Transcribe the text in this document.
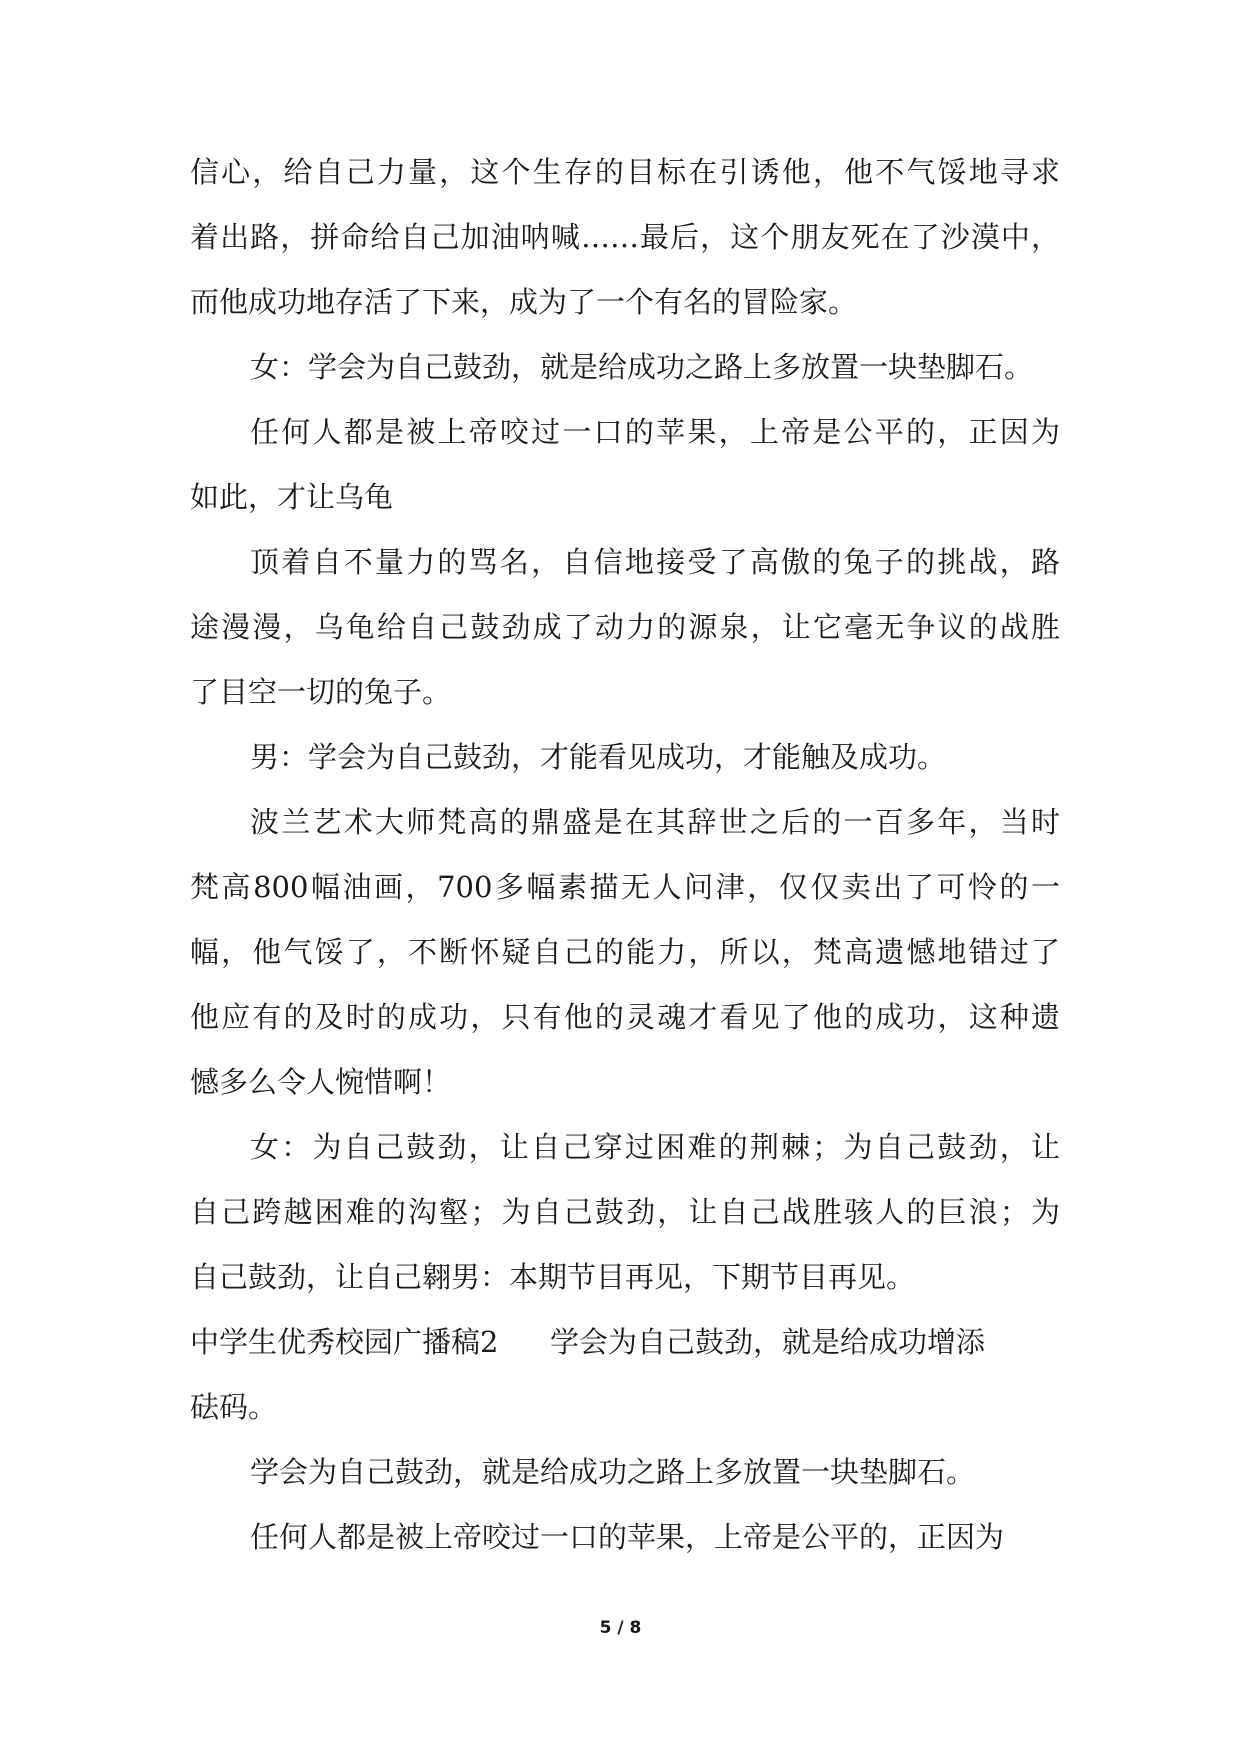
信心，给自己力量，这个生存的目标在引诱他，他不气馁地寻求
着出路，拼命给自己加油呐喊……最后，这个朋友死在了沙漠中，
而他成功地存活了下来，成为了一个有名的冒险家。
女：学会为自己鼓劲，就是给成功之路上多放置一块垫脚石。
任何人都是被上帝咬过一口的苹果，上帝是公平的，正因为
如此，才让乌龟
顶着自不量力的骂名，自信地接受了高傲的兔子的挑战，路
途漫漫，乌龟给自己鼓劲成了动力的源泉，让它毫无争议的战胜
了目空一切的兔子。
男：学会为自己鼓劲，才能看见成功，才能触及成功。
波兰艺术大师梵高的鼎盛是在其辞世之后的一百多年，当时
梵高800幅油画，700多幅素描无人问津，仅仅卖出了可怜的一
幅，他气馁了，不断怀疑自己的能力，所以，梵高遗憾地错过了
他应有的及时的成功，只有他的灵魂才看见了他的成功，这种遗
憾多么令人惋惜啊！
女：为自己鼓劲，让自己穿过困难的荆棘；为自己鼓劲，让
自己跨越困难的沟壑；为自己鼓劲，让自己战胜骇人的巨浪；为
自己鼓劲，让自己翱男：本期节目再见，下期节目再见。
中学生优秀校园广播稿2 学会为自己鼓劲，就是给成功增添
砝码。
学会为自己鼓劲，就是给成功之路上多放置一块垫脚石。
任何人都是被上帝咬过一口的苹果，上帝是公平的，正因为
5 / 8
